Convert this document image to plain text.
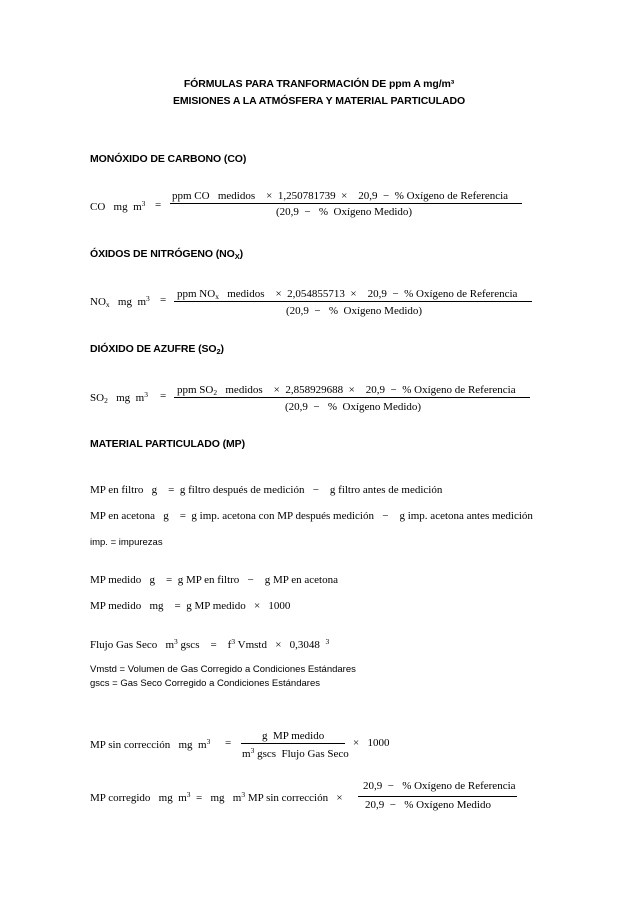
FÓRMULAS PARA TRANFORMACIÓN DE ppm A mg/m³
EMISIONES A LA ATMÓSFERA Y MATERIAL PARTICULADO
MONÓXIDO DE CARBONO (CO)
CO   mg  $m^3$ =
ppm CO   medidos    ×  1,250781739  ×    20,9  −  % Oxígeno de Referencia
(20,9  −   %  Oxígeno Medido)
ÓXIDOS DE NITRÓGENO $(NO_X)$
$NO_x$   mg  $m^3$ = ppm $NO_x$   medidos    ×  2,054855713  ×    20,9  −  % Oxígeno de Referencia
(20,9  −   %  Oxígeno Medido)
DIÓXIDO DE AZUFRE $(SO_2)$
$SO_2$   mg  $m^3$ = ppm $SO_2$   medidos    ×  2,858929688  ×    20,9  −  % Oxígeno de Referencia
(20,9  −   %  Oxígeno Medido)
MATERIAL PARTICULADO (MP)
MP en filtro   g    =  g filtro después de medición   −    g filtro antes de medición
MP en acetona   g    =  g imp. acetona con MP después medición   −    g imp. acetona antes medición
imp. = impurezas
MP medido   g    =  g MP en filtro   −    g MP en acetona
MP medido   mg    =  g MP medido   ×   1000
Flujo Gas Seco   $m^3$ gscs    =    $f^3$ Vmstd   ×   0,3048  $^3$
Vmstd = Volumen de Gas Corregido a Condiciones Estándares
gscs = Gas Seco Corregido a Condiciones Estándares
MP sin corrección   mg  $m^3$ =
g  MP medido
$m^3$ gscs  Flujo Gas Seco
×   1000
MP corregido   mg  $m^3$  =   mg   $m^3$ MP sin corrección   ×
20,9  −   % Oxígeno de Referencia
20,9  −   % Oxígeno Medido
